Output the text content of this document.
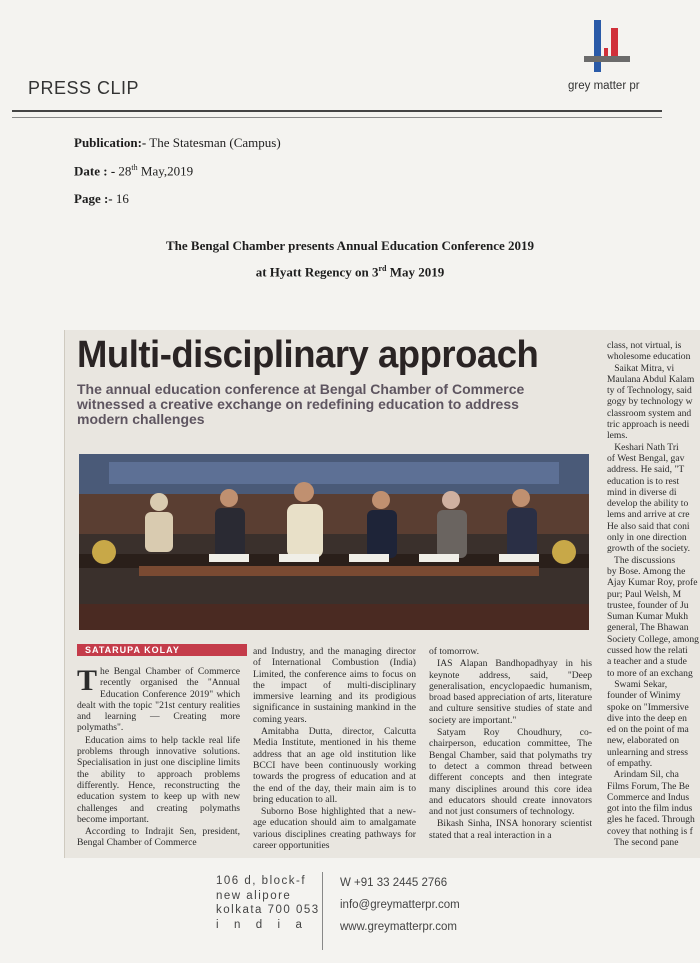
PRESS CLIP	grey matter pr
Publication:- The Statesman (Campus)
Date : - 28th May,2019
Page :- 16
The Bengal Chamber presents Annual Education Conference 2019
at Hyatt Regency on 3rd May 2019
Multi-disciplinary approach
The annual education conference at Bengal Chamber of Commerce witnessed a creative exchange on redefining education to address modern challenges
SATARUPA KOLAY

The Bengal Chamber of Commerce recently organised the "Annual Education Conference 2019" which dealt with the topic "21st century realities and learning — Creating more polymaths".

Education aims to help tackle real life problems through innovative solutions. Specialisation in just one discipline limits the ability to approach problems differently. Hence, reconstructing the education system to keep up with new challenges and creating polymaths become important.

According to Indrajit Sen, president, Bengal Chamber of Commerce

and Industry, and the managing director of International Combustion (India) Limited, the conference aims to focus on the impact of multi-disciplinary immersive learning and its prodigious significance in sustaining mankind in the coming years.

Amitabha Dutta, director, Calcutta Media Institute, mentioned in his theme address that an age old institution like BCCI have been continuously working towards the progress of education and at the end of the day, their main aim is to bring education to all.

Suborno Bose highlighted that a new-age education should aim to amalgamate various disciplines creating pathways for career opportunities

of tomorrow.

IAS Alapan Bandhopadhyay in his keynote address, said, "Deep generalisation, encyclopaedic humanism, broad based appreciation of arts, literature and culture sensitive studies of state and society are important."

Satyam Roy Choudhury, co-chairperson, education committee, The Bengal Chamber, said that polymaths try to detect a common thread between different concepts and then integrate many disciplines around this core idea and educators should create innovators and not just consumers of technology.

Bikash Sinha, INSA honorary scientist stated that a real interaction in a

class, not virtual, is

wholesome education

Saikat Mitra, vi

Maulana Abdul Kalam

ty of Technology, said

gogy by technology w

classroom system and

tric approach is needi

lems.

Keshari Nath Tri

of West Bengal, gav

address. He said, "T

education is to rest

mind in diverse di

develop the ability to

lems and arrive at cre

He also said that coni

only in one direction

growth of the society.

The discussions

by Bose. Among the

Ajay Kumar Roy, profe

pur; Paul Welsh, M

trustee, founder of Ju

Suman Kumar Mukh

general, The Bhawan

Society College, among

cussed how the relati

a teacher and a stude

to more of an exchang

Swami Sekar,

founder of Winimy

spoke on "Immersive

dive into the deep en

ed on the point of ma

new, elaborated on

unlearning and stress

of empathy.

Arindam Sil, cha

Films Forum, The Be

Commerce and Indus

got into the film indus

gles he faced. Through

covey that nothing is f

The second pane

106 d, block-f
new alipore
kolkata 700 053
i  n  d  i  a
W +91 33 2445 2766
info@greymatterpr.com
www.greymatterpr.com
